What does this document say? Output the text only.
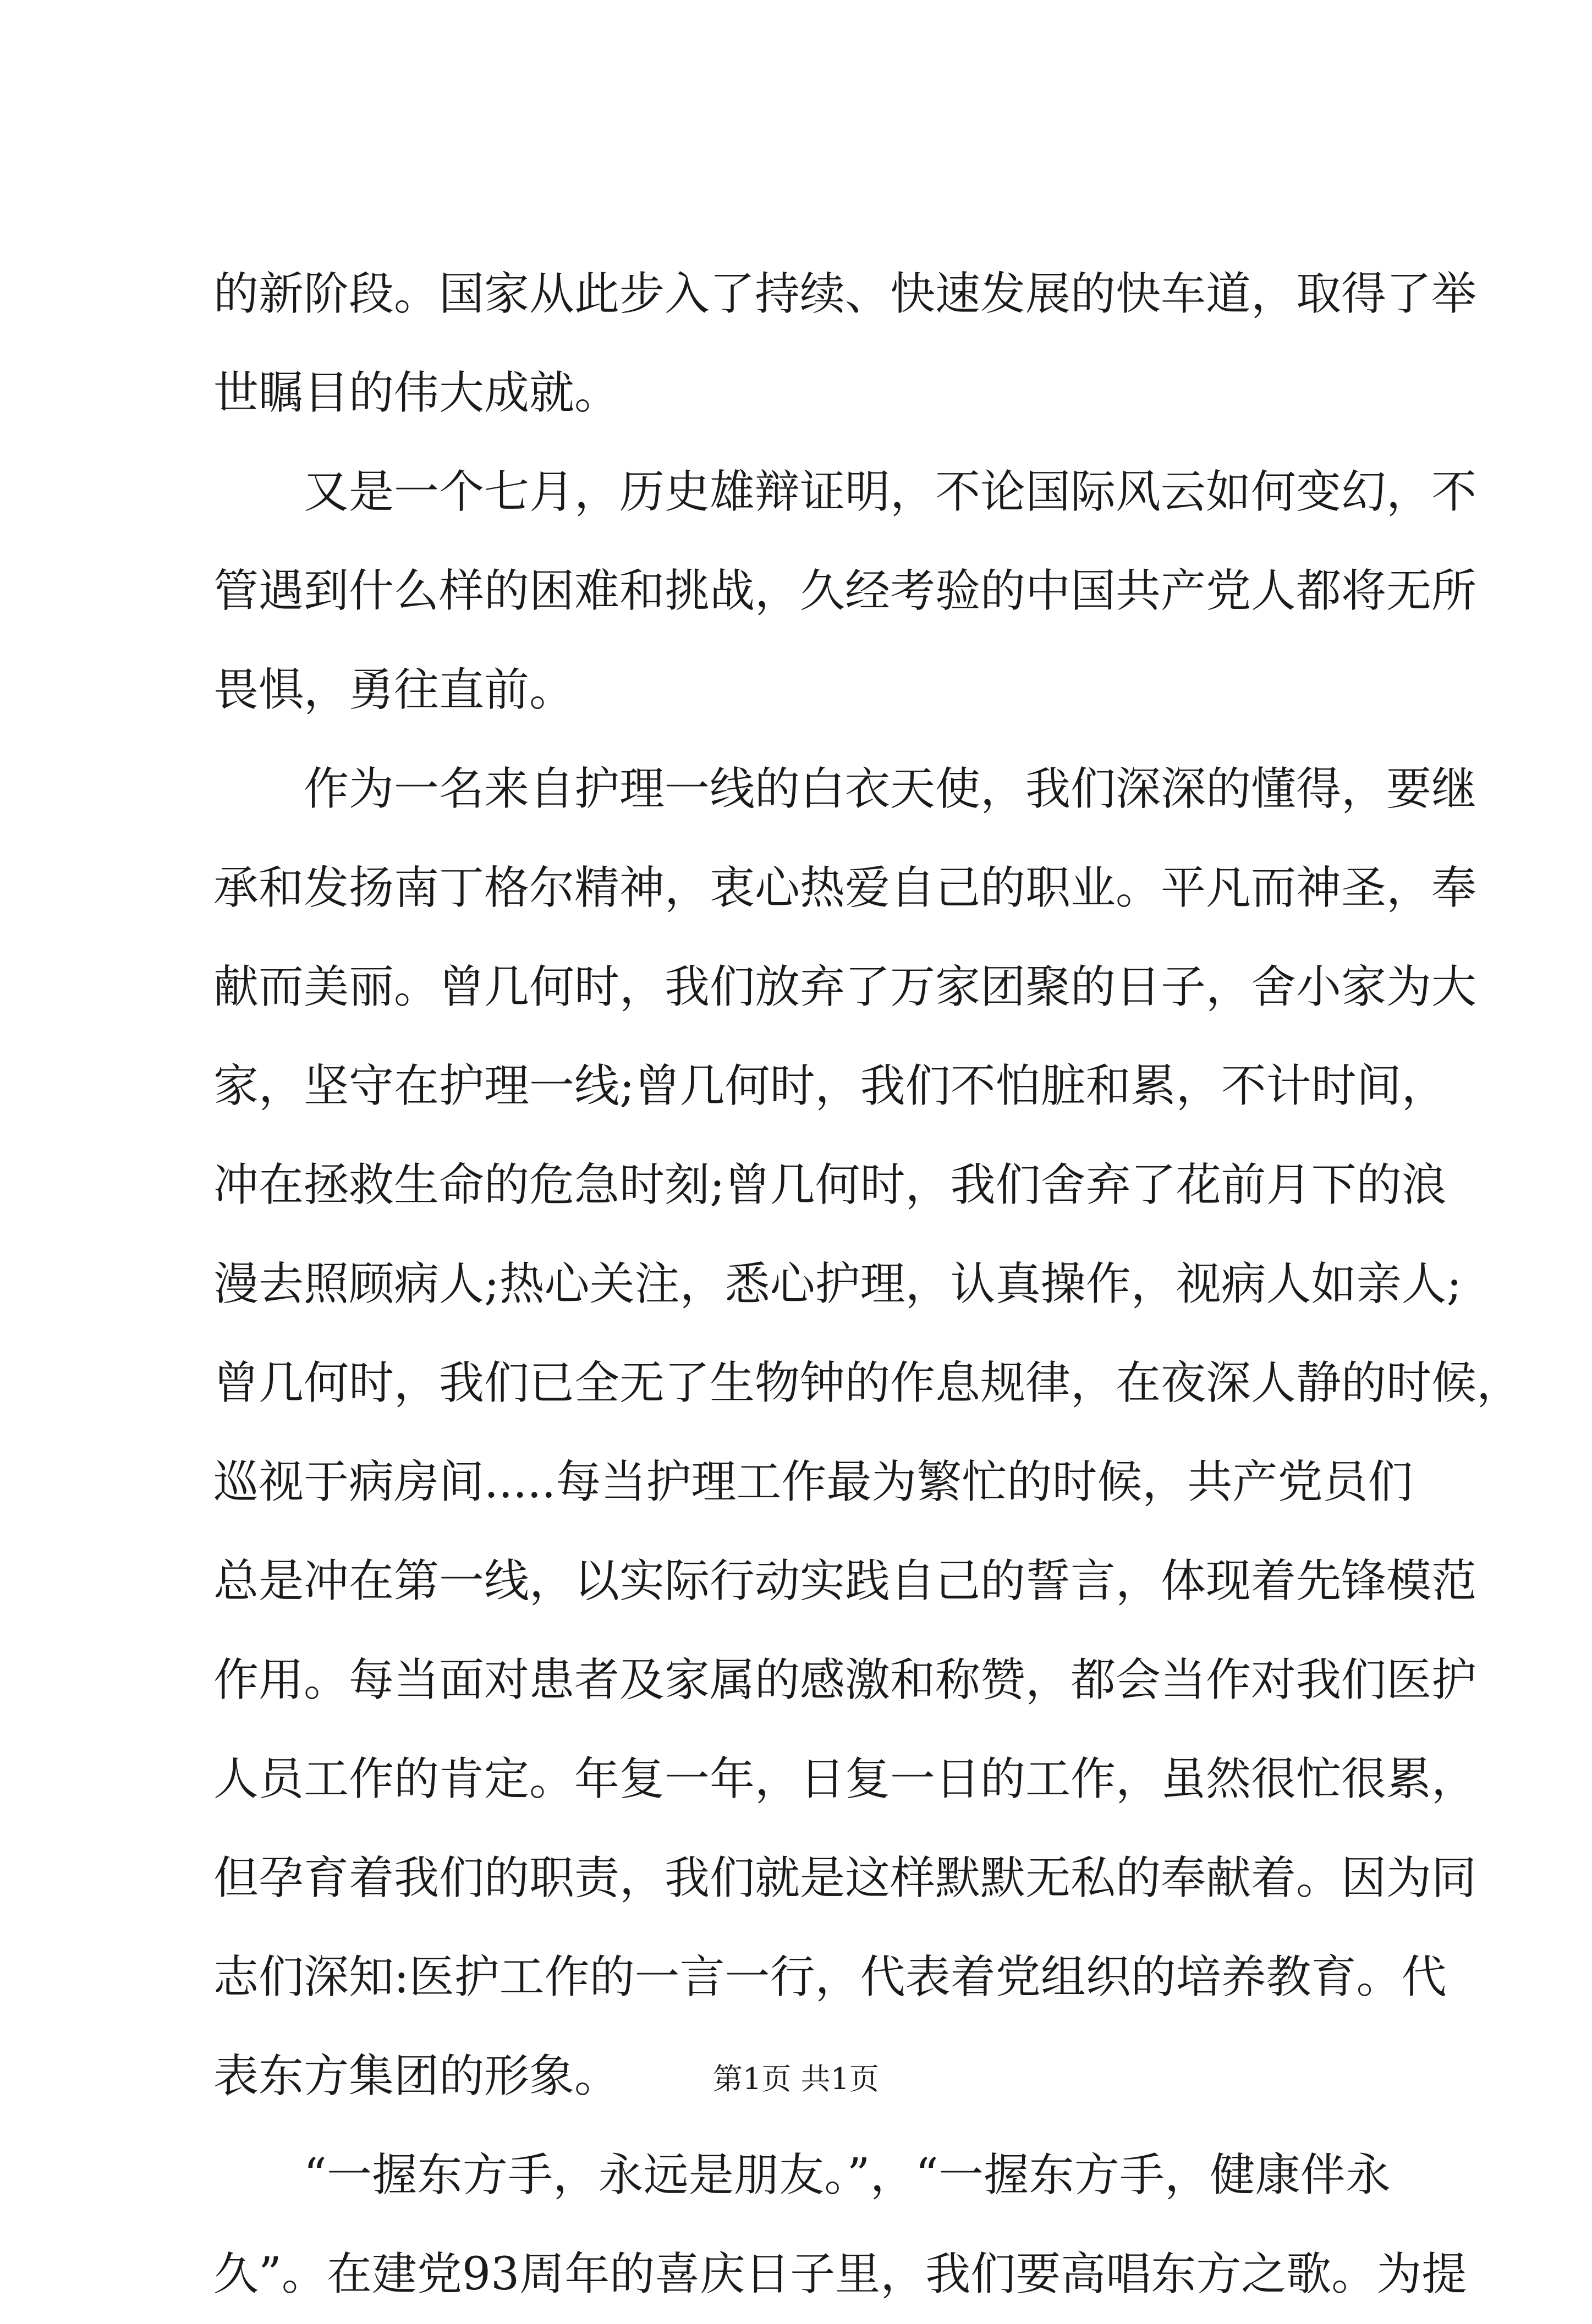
的新阶段。国家从此步入了持续、快速发展的快车道，取得了举
世瞩目的伟大成就。
又是一个七月，历史雄辩证明，不论国际风云如何变幻，不
管遇到什么样的困难和挑战，久经考验的中国共产党人都将无所
畏惧，勇往直前。
作为一名来自护理一线的白衣天使，我们深深的懂得，要继
承和发扬南丁格尔精神，衷心热爱自己的职业。平凡而神圣，奉
献而美丽。曾几何时，我们放弃了万家团聚的日子，舍小家为大
家，坚守在护理一线;曾几何时，我们不怕脏和累，不计时间，
冲在拯救生命的危急时刻;曾几何时，我们舍弃了花前月下的浪
漫去照顾病人;热心关注，悉心护理，认真操作，视病人如亲人;
曾几何时，我们已全无了生物钟的作息规律，在夜深人静的时候，
巡视于病房间.....每当护理工作最为繁忙的时候，共产党员们
总是冲在第一线，以实际行动实践自己的誓言，体现着先锋模范
作用。每当面对患者及家属的感激和称赞，都会当作对我们医护
人员工作的肯定。年复一年，日复一日的工作，虽然很忙很累，
但孕育着我们的职责，我们就是这样默默无私的奉献着。因为同
志们深知:医护工作的一言一行，代表着党组织的培养教育。代
表东方集团的形象。
“一握东方手，永远是朋友。”，“一握东方手，健康伴永
久”。在建党93周年的喜庆日子里，我们要高唱东方之歌。为提
第1页 共1页
